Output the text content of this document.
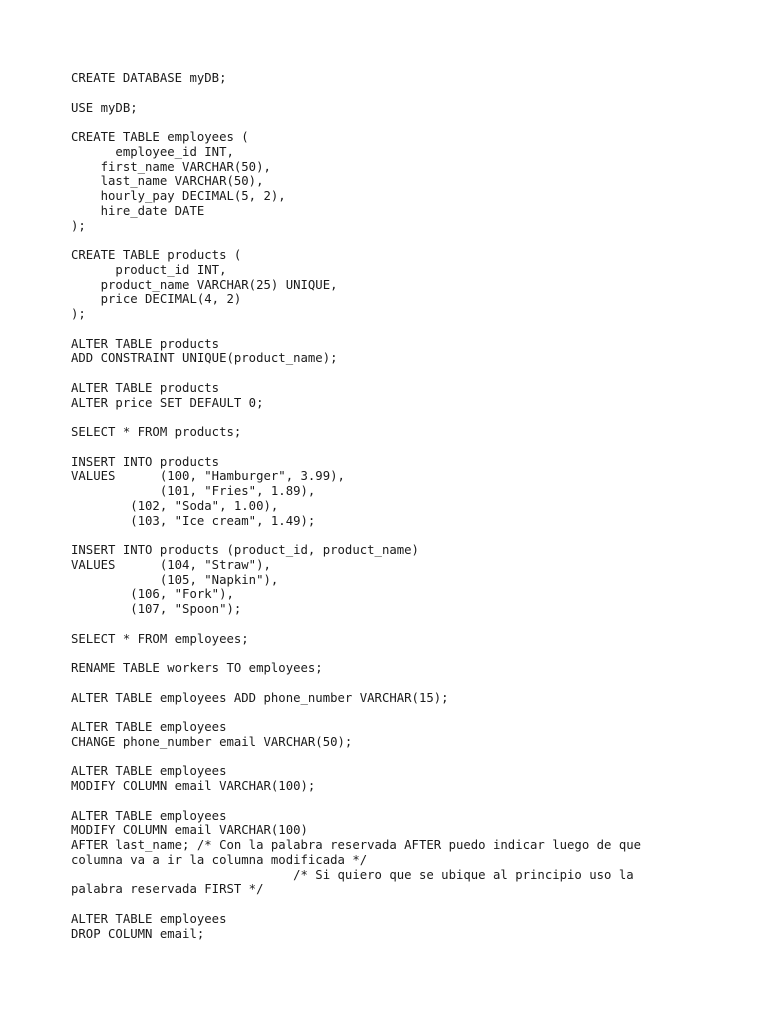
CREATE DATABASE myDB;
USE myDB;
CREATE TABLE employees (
employee_id INT,
first_name VARCHAR(50),
last_name VARCHAR(50),
hourly_pay DECIMAL(5, 2),
hire_date DATE
);
CREATE TABLE products (
product_id INT,
product_name VARCHAR(25) UNIQUE,
price DECIMAL(4, 2)
);
ALTER TABLE products
ADD CONSTRAINT UNIQUE(product_name);
ALTER TABLE products
ALTER price SET DEFAULT 0;
SELECT * FROM products;
INSERT INTO products
VALUES      (100, "Hamburger", 3.99),
(101, "Fries", 1.89),
(102, "Soda", 1.00),
(103, "Ice cream", 1.49);
INSERT INTO products (product_id, product_name)
VALUES      (104, "Straw"),
(105, "Napkin"),
(106, "Fork"),
(107, "Spoon");
SELECT * FROM employees;
RENAME TABLE workers TO employees;
ALTER TABLE employees ADD phone_number VARCHAR(15);
ALTER TABLE employees
CHANGE phone_number email VARCHAR(50);
ALTER TABLE employees
MODIFY COLUMN email VARCHAR(100);
ALTER TABLE employees
MODIFY COLUMN email VARCHAR(100)
AFTER last_name; /* Con la palabra reservada AFTER puedo indicar luego de que
columna va a ir la columna modificada */
/* Si quiero que se ubique al principio uso la
palabra reservada FIRST */
ALTER TABLE employees
DROP COLUMN email;
